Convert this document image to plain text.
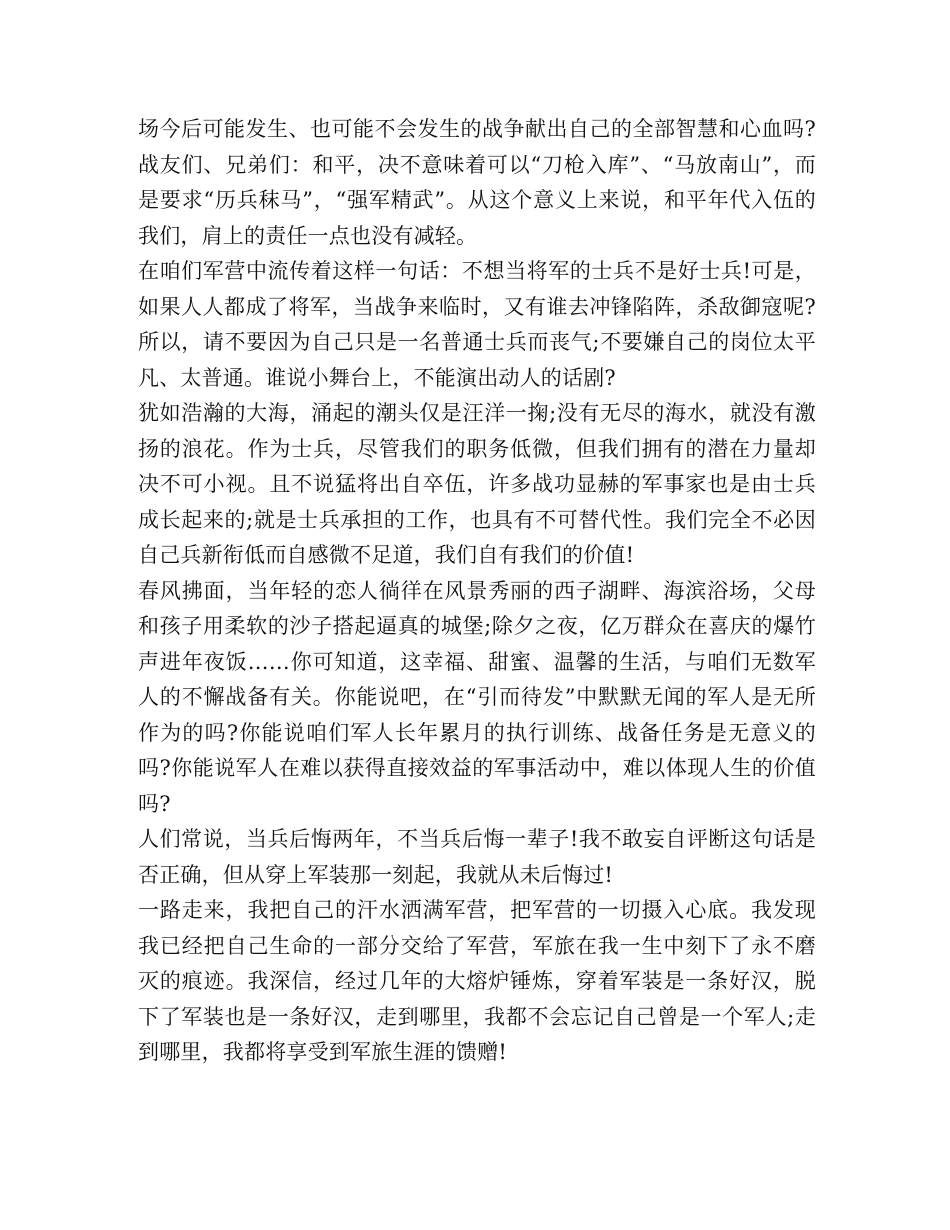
场今后可能发生、也可能不会发生的战争献出自己的全部智慧和心血吗?战友们、兄弟们：和平，决不意味着可以“刀枪入库”、“马放南山”，而是要求“历兵秣马”，“强军精武”。从这个意义上来说，和平年代入伍的我们，肩上的责任一点也没有减轻。

在咱们军营中流传着这样一句话：不想当将军的士兵不是好士兵!可是，如果人人都成了将军，当战争来临时，又有谁去冲锋陷阵，杀敌御寇呢?所以，请不要因为自己只是一名普通士兵而丧气;不要嫌自己的岗位太平凡、太普通。谁说小舞台上，不能演出动人的话剧?

犹如浩瀚的大海，涌起的潮头仅是汪洋一掬;没有无尽的海水，就没有激扬的浪花。作为士兵，尽管我们的职务低微，但我们拥有的潜在力量却决不可小视。且不说猛将出自卒伍，许多战功显赫的军事家也是由士兵成长起来的;就是士兵承担的工作，也具有不可替代性。我们完全不必因自己兵新衔低而自感微不足道，我们自有我们的价值!

春风拂面，当年轻的恋人徜徉在风景秀丽的西子湖畔、海滨浴场，父母和孩子用柔软的沙子搭起逼真的城堡;除夕之夜，亿万群众在喜庆的爆竹声进年夜饭……你可知道，这幸福、甜蜜、温馨的生活，与咱们无数军人的不懈战备有关。你能说吧，在“引而待发”中默默无闻的军人是无所作为的吗?你能说咱们军人长年累月的执行训练、战备任务是无意义的吗?你能说军人在难以获得直接效益的军事活动中，难以体现人生的价值吗?

人们常说，当兵后悔两年，不当兵后悔一辈子!我不敢妄自评断这句话是否正确，但从穿上军装那一刻起，我就从未后悔过!

一路走来，我把自己的汗水洒满军营，把军营的一切摄入心底。我发现我已经把自己生命的一部分交给了军营，军旅在我一生中刻下了永不磨灭的痕迹。我深信，经过几年的大熔炉锤炼，穿着军装是一条好汉，脱下了军装也是一条好汉，走到哪里，我都不会忘记自己曾是一个军人;走到哪里，我都将享受到军旅生涯的馈赠!
